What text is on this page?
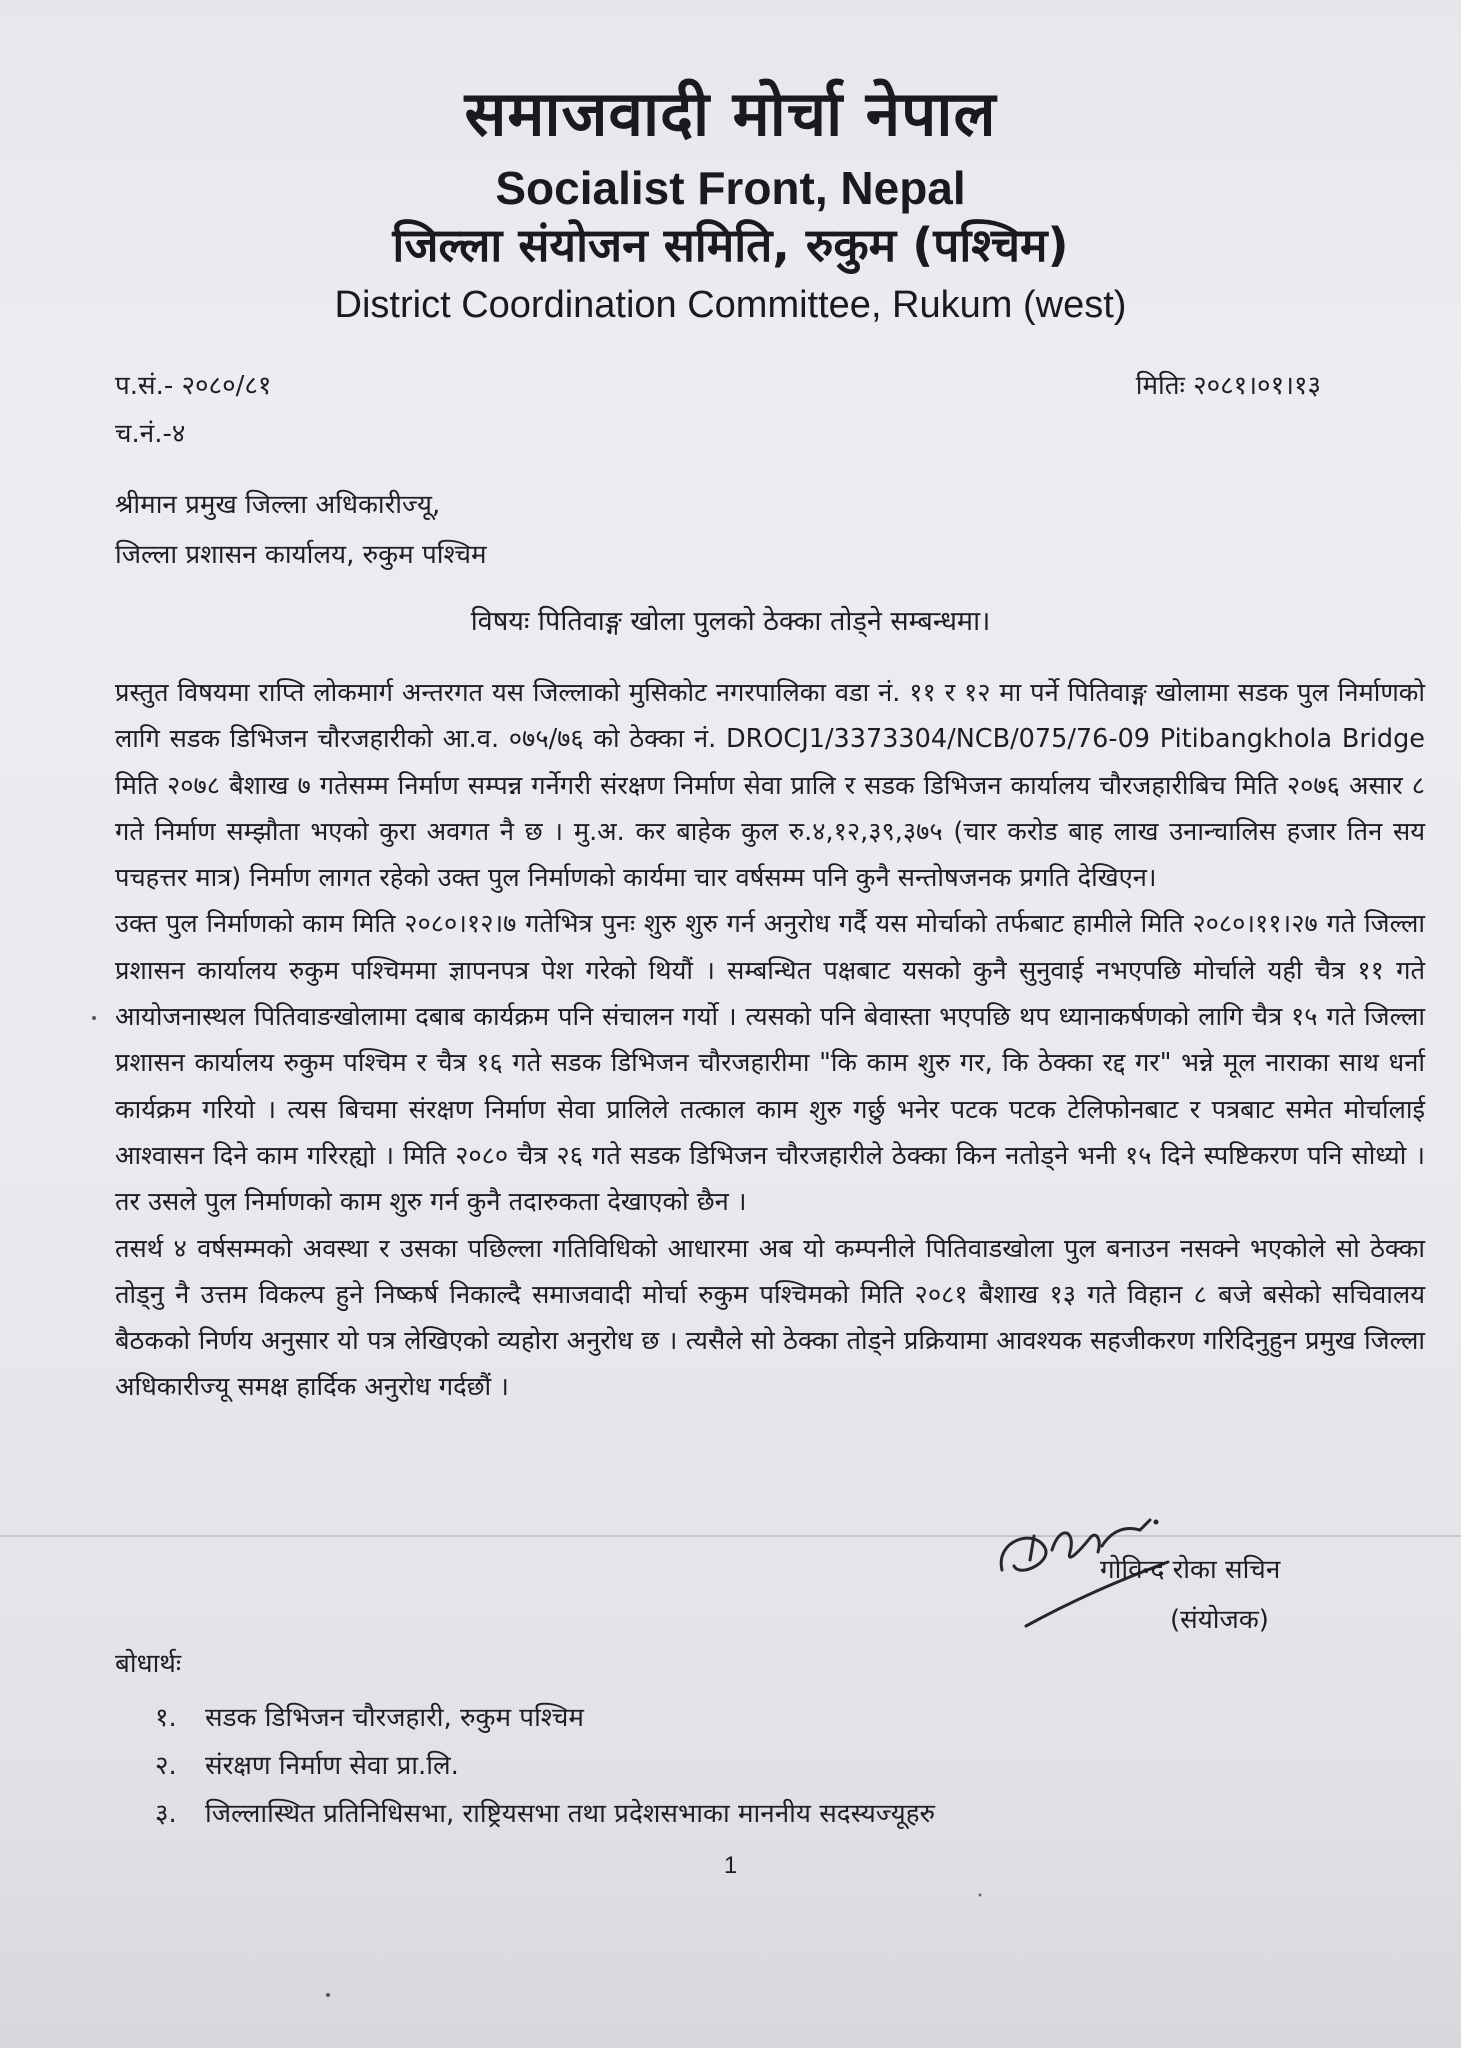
समाजवादी मोर्चा नेपाल
Socialist Front, Nepal
जिल्ला संयोजन समिति, रुकुम (पश्चिम)
District Coordination Committee, Rukum (west)
प.सं.- २०८०/८१
च.नं.-४
मितिः २०८१।०१।१३
श्रीमान प्रमुख जिल्ला अधिकारीज्यू,
जिल्ला प्रशासन कार्यालय, रुकुम पश्चिम
विषयः पितिवाङ्ग खोला पुलको ठेक्का तोड्ने सम्बन्धमा।

प्रस्तुत विषयमा राप्ति लोकमार्ग अन्तरगत यस जिल्लाको मुसिकोट नगरपालिका वडा नं. ११ र १२ मा पर्ने पितिवाङ्ग खोलामा सडक पुल निर्माणको लागि सडक डिभिजन चौरजहारीको आ.व. ०७५/७६ को ठेक्का नं. DROCJ1/3373304/NCB/075/76-09 Pitibangkhola Bridge मिति २०७८ बैशाख ७ गतेसम्म निर्माण सम्पन्न गर्नेगरी संरक्षण निर्माण सेवा प्रालि र सडक डिभिजन कार्यालय चौरजहारीबिच मिति २०७६ असार ८ गते निर्माण सम्झौता भएको कुरा अवगत नै छ । मु.अ. कर बाहेक कुल रु.४,१२,३९,३७५ (चार करोड बाह लाख उनान्चालिस हजार तिन सय पचहत्तर मात्र) निर्माण लागत रहेको उक्त पुल निर्माणको कार्यमा चार वर्षसम्म पनि कुनै सन्तोषजनक प्रगति देखिएन।

उक्त पुल निर्माणको काम मिति २०८०।१२।७ गतेभित्र पुनः शुरु शुरु गर्न अनुरोध गर्दै यस मोर्चाको तर्फबाट हामीले मिति २०८०।११।२७ गते जिल्ला प्रशासन कार्यालय रुकुम पश्चिममा ज्ञापनपत्र पेश गरेको थियौं । सम्बन्धित पक्षबाट यसको कुनै सुनुवाई नभएपछि मोर्चाले यही चैत्र ११ गते आयोजनास्थल पितिवाङखोलामा दबाब कार्यक्रम पनि संचालन गर्यो । त्यसको पनि बेवास्ता भएपछि थप ध्यानाकर्षणको लागि चैत्र १५ गते जिल्ला प्रशासन कार्यालय रुकुम पश्चिम र चैत्र १६ गते सडक डिभिजन चौरजहारीमा "कि काम शुरु गर, कि ठेक्का रद्द गर" भन्ने मूल नाराका साथ धर्ना कार्यक्रम गरियो । त्यस बिचमा संरक्षण निर्माण सेवा प्रालिले तत्काल काम शुरु गर्छु भनेर पटक पटक टेलिफोनबाट र पत्रबाट समेत मोर्चालाई आश्वासन दिने काम गरिरह्यो । मिति २०८० चैत्र २६ गते सडक डिभिजन चौरजहारीले ठेक्का किन नतोड्ने भनी १५ दिने स्पष्टिकरण पनि सोध्यो । तर उसले पुल निर्माणको काम शुरु गर्न कुनै तदारुकता देखाएको छैन ।

तसर्थ ४ वर्षसम्मको अवस्था र उसका पछिल्ला गतिविधिको आधारमा अब यो कम्पनीले पितिवाडखोला पुल बनाउन नसक्ने भएकोले सो ठेक्का तोड्नु नै उत्तम विकल्प हुने निष्कर्ष निकाल्दै समाजवादी मोर्चा रुकुम पश्चिमको मिति २०८१ बैशाख १३ गते विहान ८ बजे बसेको सचिवालय बैठकको निर्णय अनुसार यो पत्र लेखिएको व्यहोरा अनुरोध छ । त्यसैले सो ठेक्का तोड्ने प्रक्रियामा आवश्यक सहजीकरण गरिदिनुहुन प्रमुख जिल्ला अधिकारीज्यू समक्ष हार्दिक अनुरोध गर्दछौं ।

गोविन्द रोका सचिन
(संयोजक)
बोधार्थः
१. सडक डिभिजन चौरजहारी, रुकुम पश्चिम
२. संरक्षण निर्माण सेवा प्रा.लि.
३. जिल्लास्थित प्रतिनिधिसभा, राष्ट्रियसभा तथा प्रदेशसभाका माननीय सदस्यज्यूहरु
1
